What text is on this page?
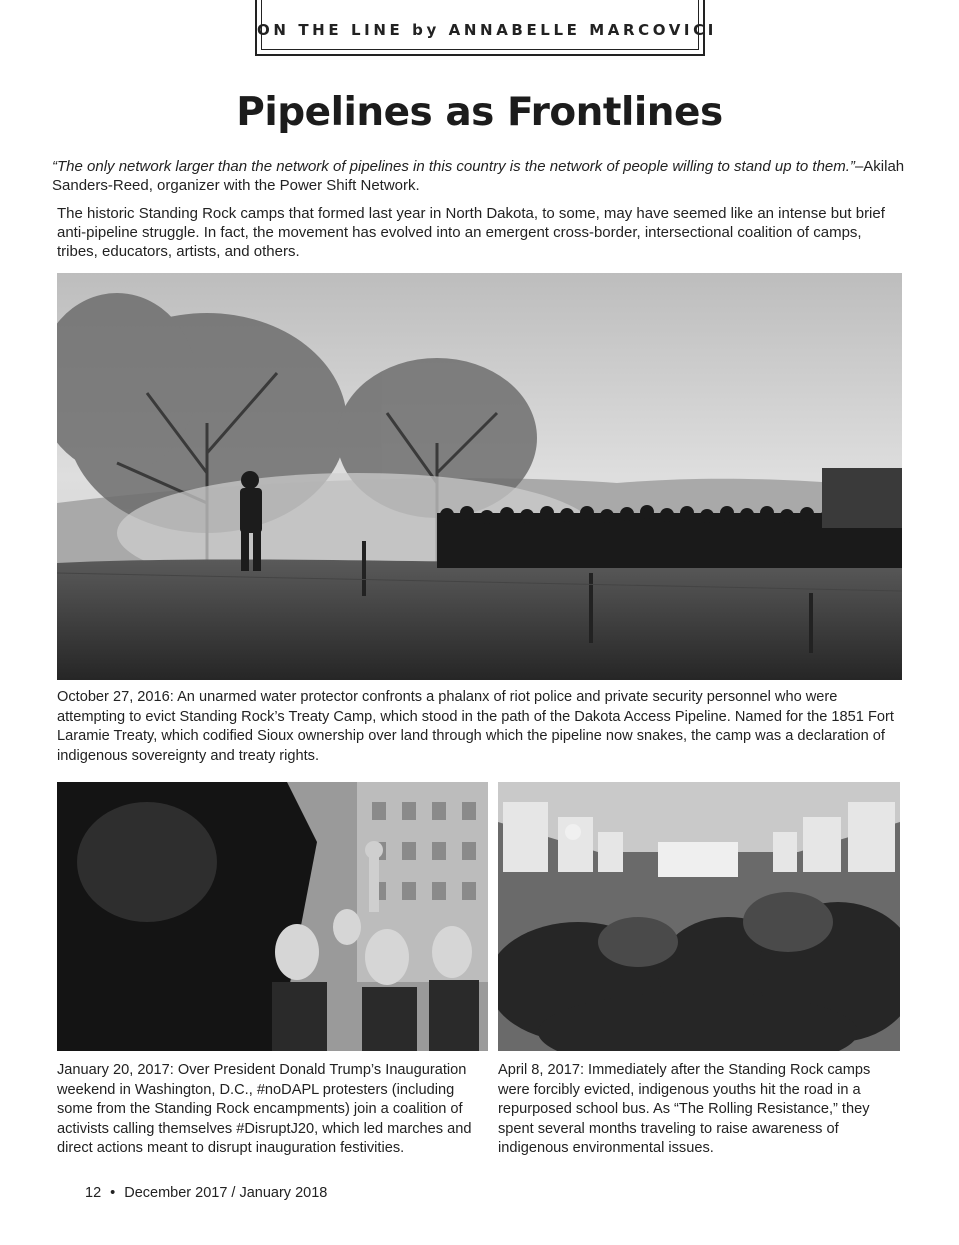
ON THE LINE by ANNABELLE MARCOVICI
Pipelines as Frontlines
“The only network larger than the network of pipelines in this country is the network of people willing to stand up to them.”–Akilah Sanders-Reed, organizer with the Power Shift Network.
The historic Standing Rock camps that formed last year in North Dakota, to some, may have seemed like an intense but brief anti-pipeline struggle. In fact, the movement has evolved into an emergent cross-border, intersectional coalition of camps, tribes, educators, artists, and others.
October 27, 2016: An unarmed water protector confronts a phalanx of riot police and private security personnel who were attempting to evict Standing Rock’s Treaty Camp, which stood in the path of the Dakota Access Pipeline. Named for the 1851 Fort Laramie Treaty, which codified Sioux ownership over land through which the pipeline now snakes, the camp was a declaration of indigenous sovereignty and treaty rights.
January 20, 2017: Over President Donald Trump’s Inauguration weekend in Washington, D.C., #noDAPL protesters (including some from the Standing Rock encampments) join a coalition of activists calling themselves #DisruptJ20, which led marches and direct actions meant to disrupt inauguration festivities.
April 8, 2017: Immediately after the Standing Rock camps were forcibly evicted, indigenous youths hit the road in a repurposed school bus. As “The Rolling Resistance,” they spent several months traveling to raise awareness of indigenous environmental issues.
12 • December 2017 / January 2018
